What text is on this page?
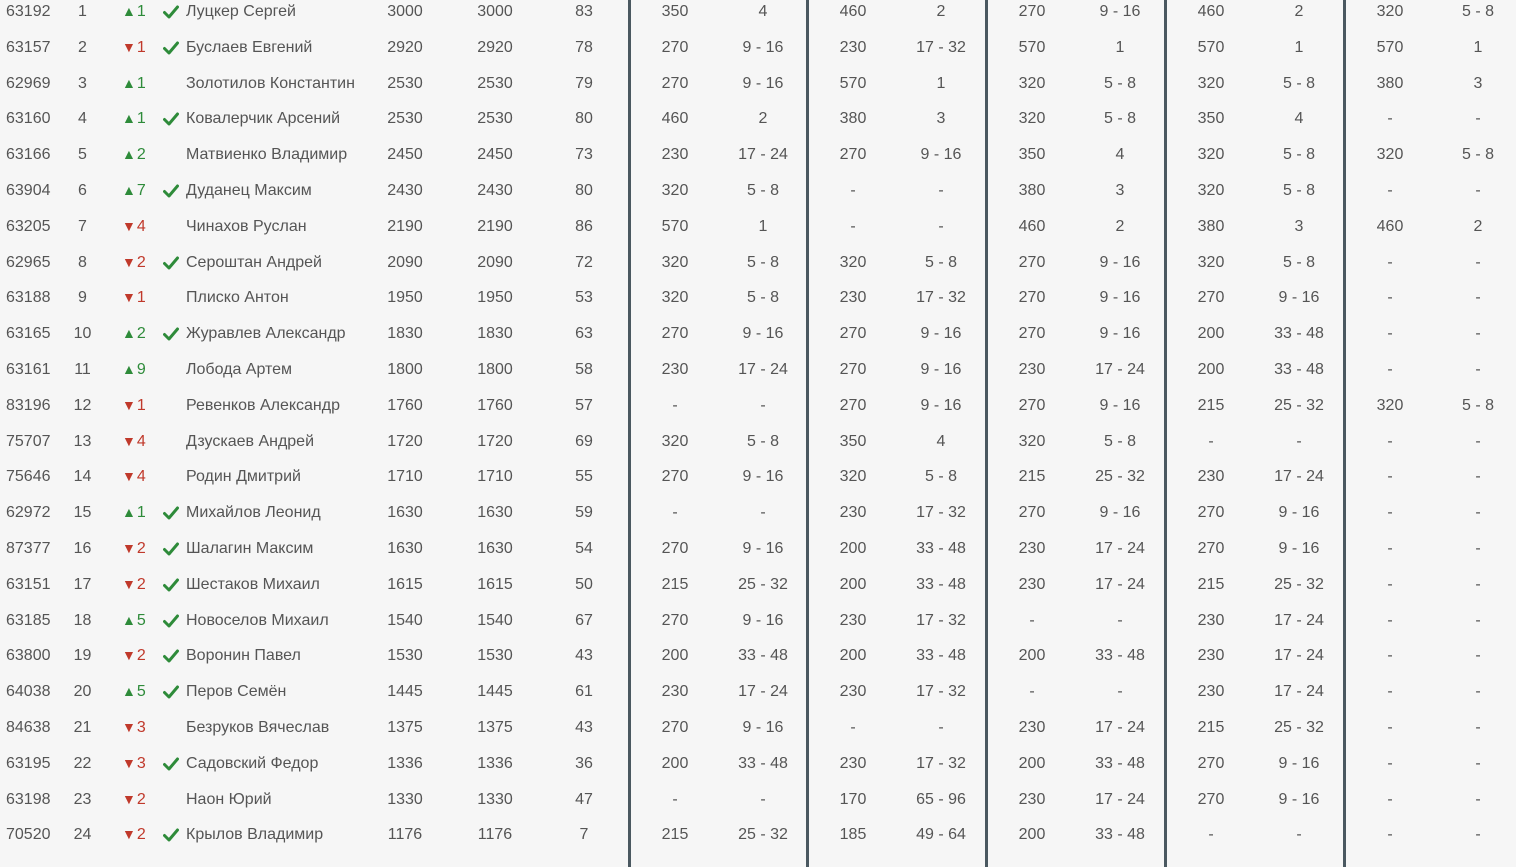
63192	1	▲1	Луцкер Сергей	3000	3000	83	350	4	460	2	270	9 - 16	460	2	320	5 - 8
63157	2	▼1	Буслаев Евгений	2920	2920	78	270	9 - 16	230	17 - 32	570	1	570	1	570	1
62969	3	▲1	Золотилов Константин	2530	2530	79	270	9 - 16	570	1	320	5 - 8	320	5 - 8	380	3
63160	4	▲1	Ковалерчик Арсений	2530	2530	80	460	2	380	3	320	5 - 8	350	4	-	-
63166	5	▲2	Матвиенко Владимир	2450	2450	73	230	17 - 24	270	9 - 16	350	4	320	5 - 8	320	5 - 8
63904	6	▲7	Дуданец Максим	2430	2430	80	320	5 - 8	-	-	380	3	320	5 - 8	-	-
63205	7	▼4	Чинахов Руслан	2190	2190	86	570	1	-	-	460	2	380	3	460	2
62965	8	▼2	Серoштан Андрей	2090	2090	72	320	5 - 8	320	5 - 8	270	9 - 16	320	5 - 8	-	-
63188	9	▼1	Плиско Антон	1950	1950	53	320	5 - 8	230	17 - 32	270	9 - 16	270	9 - 16	-	-
63165	10	▲2	Журавлев Александр	1830	1830	63	270	9 - 16	270	9 - 16	270	9 - 16	200	33 - 48	-	-
63161	11	▲9	Лобода Артем	1800	1800	58	230	17 - 24	270	9 - 16	230	17 - 24	200	33 - 48	-	-
83196	12	▼1	Ревенков Александр	1760	1760	57	-	-	270	9 - 16	270	9 - 16	215	25 - 32	320	5 - 8
75707	13	▼4	Дзускаев Андрей	1720	1720	69	320	5 - 8	350	4	320	5 - 8	-	-	-	-
75646	14	▼4	Родин Дмитрий	1710	1710	55	270	9 - 16	320	5 - 8	215	25 - 32	230	17 - 24	-	-
62972	15	▲1	Михайлов Леонид	1630	1630	59	-	-	230	17 - 32	270	9 - 16	270	9 - 16	-	-
87377	16	▼2	Шалагин Максим	1630	1630	54	270	9 - 16	200	33 - 48	230	17 - 24	270	9 - 16	-	-
63151	17	▼2	Шестаков Михаил	1615	1615	50	215	25 - 32	200	33 - 48	230	17 - 24	215	25 - 32	-	-
63185	18	▲5	Новоселов Михаил	1540	1540	67	270	9 - 16	230	17 - 32	-	-	230	17 - 24	-	-
63800	19	▼2	Воронин Павел	1530	1530	43	200	33 - 48	200	33 - 48	200	33 - 48	230	17 - 24	-	-
64038	20	▲5	Перов Семён	1445	1445	61	230	17 - 24	230	17 - 32	-	-	230	17 - 24	-	-
84638	21	▼3	Безруков Вячеслав	1375	1375	43	270	9 - 16	-	-	230	17 - 24	215	25 - 32	-	-
63195	22	▼3	Садовский Федор	1336	1336	36	200	33 - 48	230	17 - 32	200	33 - 48	270	9 - 16	-	-
63198	23	▼2	Наон Юрий	1330	1330	47	-	-	170	65 - 96	230	17 - 24	270	9 - 16	-	-
70520	24	▼2	Крылов Владимир	1176	1176	7	215	25 - 32	185	49 - 64	200	33 - 48	-	-	-	-
